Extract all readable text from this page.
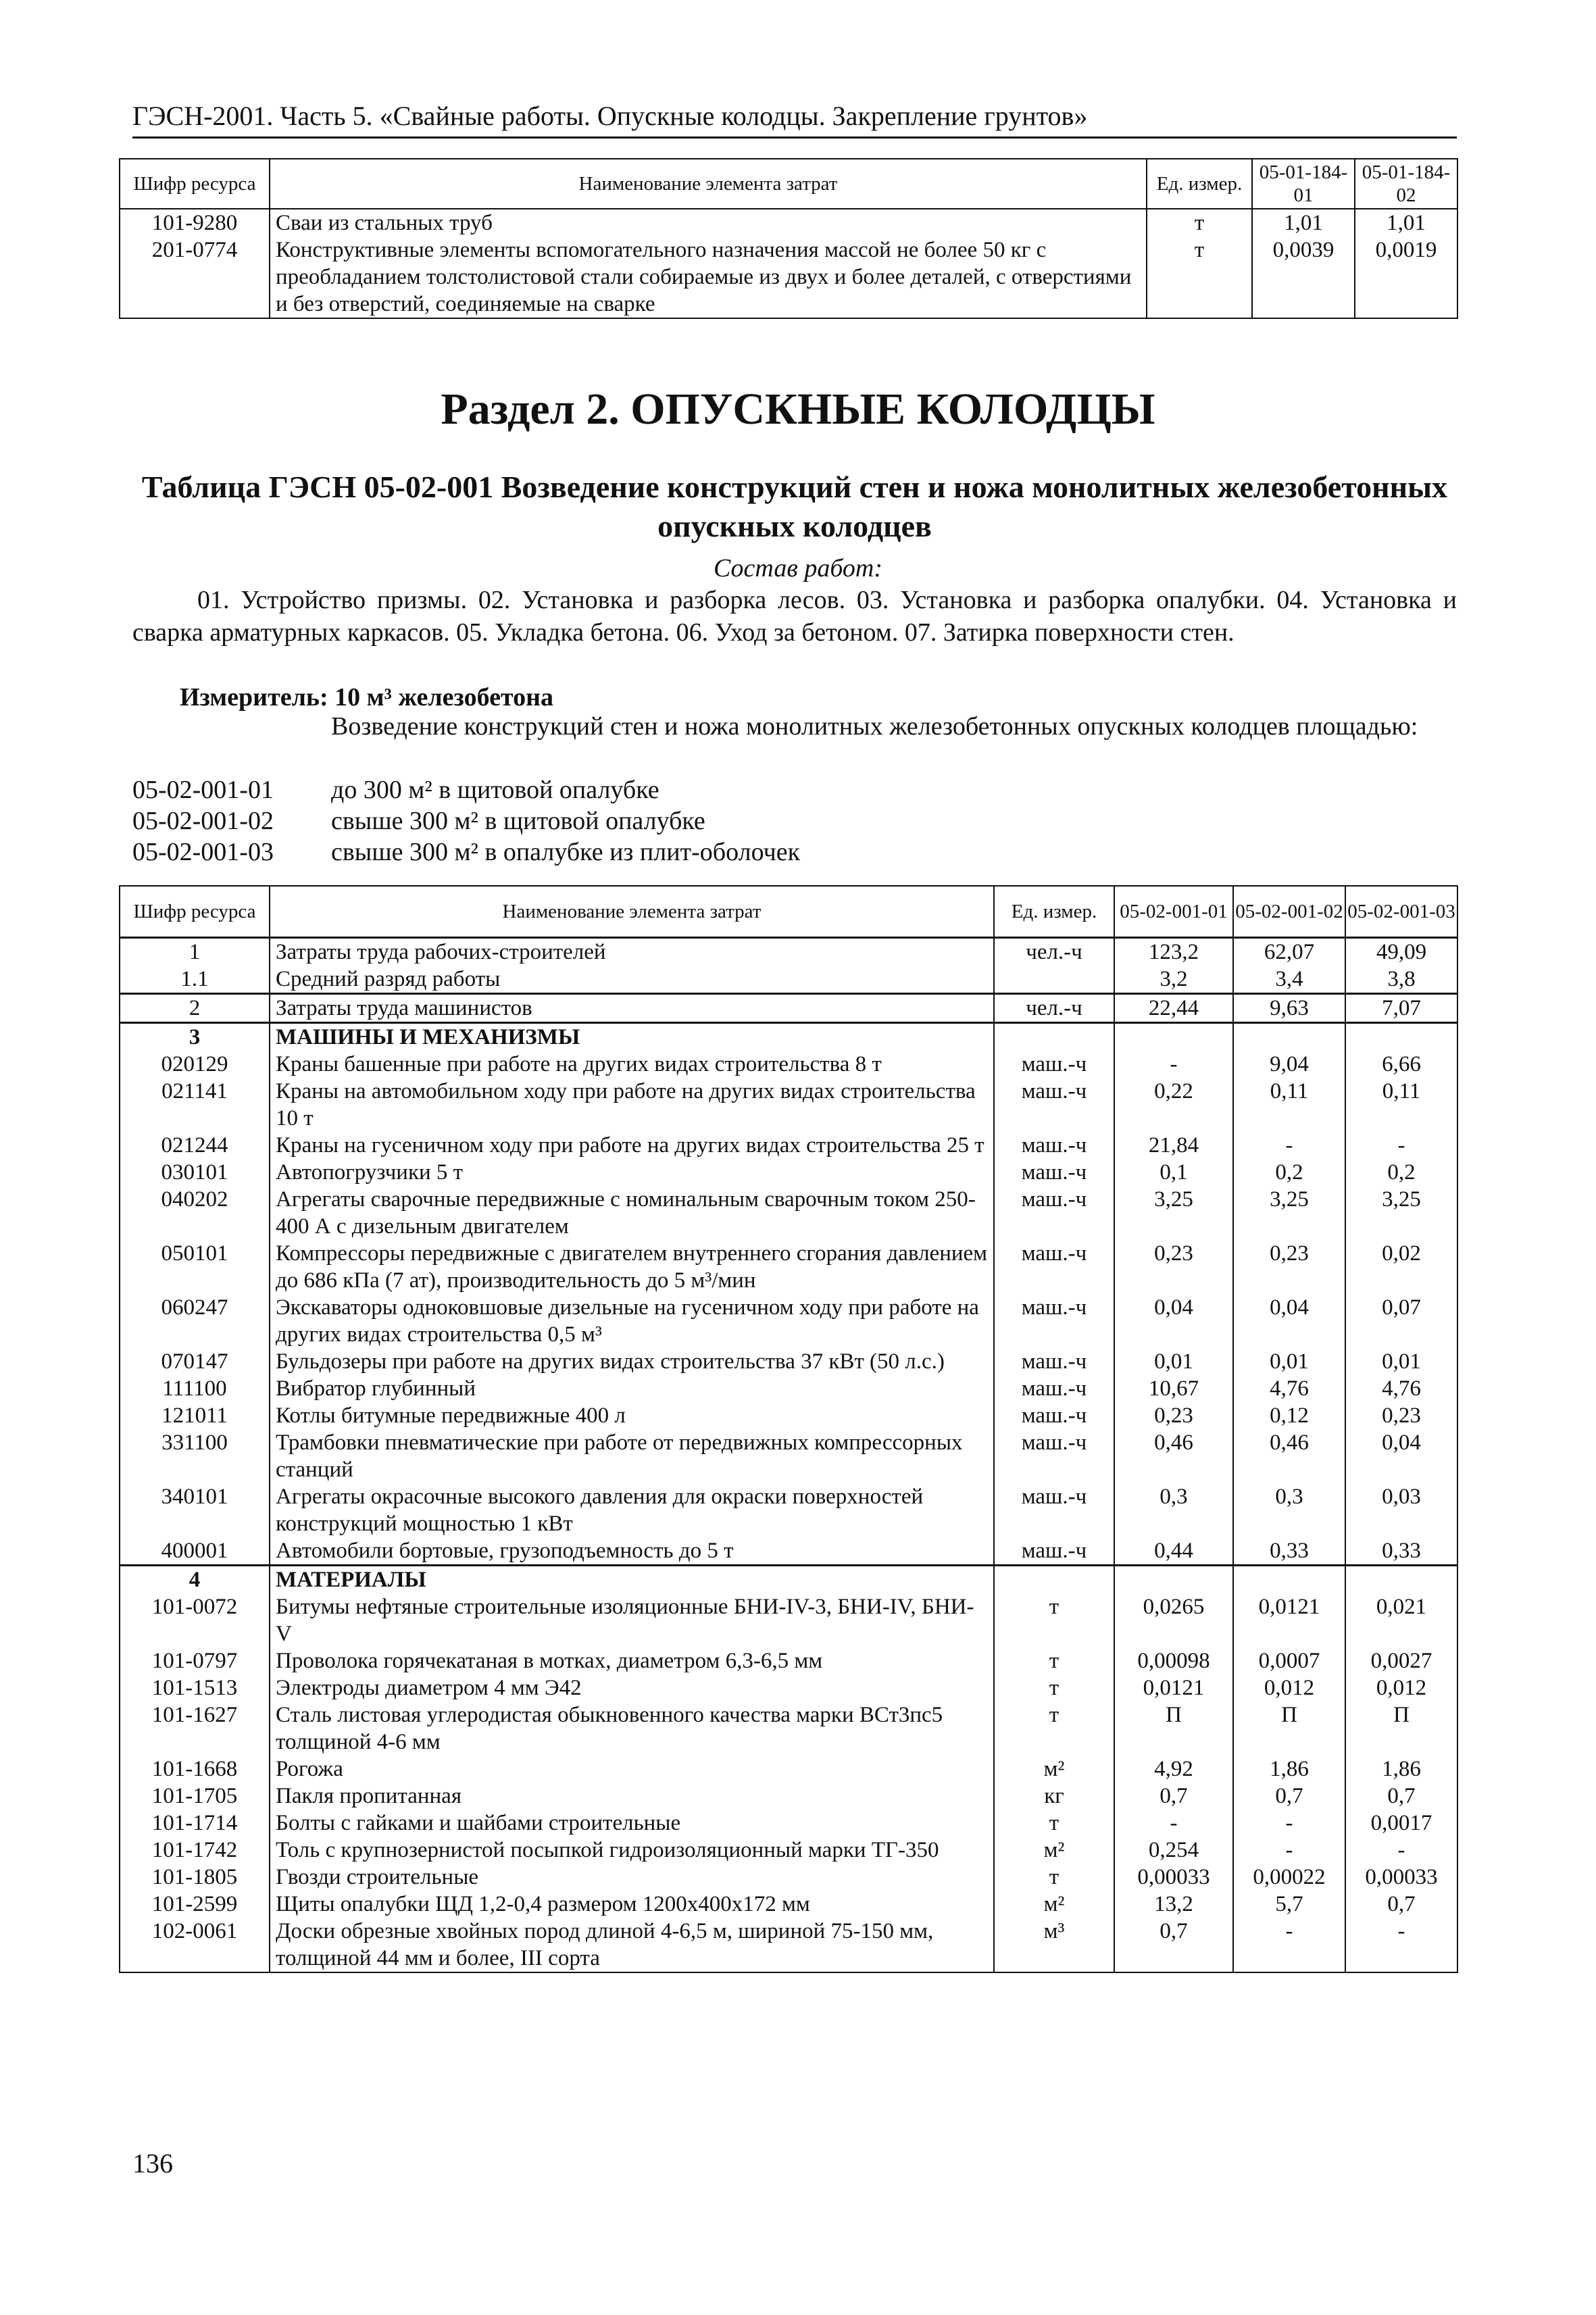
ГЭСН-2001. Часть 5. «Свайные работы. Опускные колодцы. Закрепление грунтов»
Шифр ресурса	Наименование элемента затрат	Ед. измер.	05-01-184-01	05-01-184-02
101-9280	Сваи из стальных труб	т	1,01	1,01
201-0774	Конструктивные элементы вспомогательного назначения массой не более 50 кг с преобладанием толстолистовой стали собираемые из двух и более деталей, с отверстиями и без отверстий, соединяемые на сварке	т	0,0039	0,0019
Раздел 2. ОПУСКНЫЕ КОЛОДЦЫ
Таблица ГЭСН 05-02-001 Возведение конструкций стен и ножа монолитных железобетонных опускных колодцев
Состав работ:
01. Устройство призмы. 02. Установка и разборка лесов. 03. Установка и разборка опалубки. 04. Установка и сварка арматурных каркасов. 05. Укладка бетона. 06. Уход за бетоном. 07. Затирка поверхности стен.
Измеритель: 10 м³ железобетона
Возведение конструкций стен и ножа монолитных железобетонных опускных колодцев площадью:
05-02-001-01 до 300 м² в щитовой опалубке
05-02-001-02 свыше 300 м² в щитовой опалубке
05-02-001-03 свыше 300 м² в опалубке из плит-оболочек
Шифр ресурса	Наименование элемента затрат	Ед. измер.	05-02-001-01	05-02-001-02	05-02-001-03
1	Затраты труда рабочих-строителей	чел.-ч	123,2	62,07	49,09
1.1	Средний разряд работы		3,2	3,4	3,8
2	Затраты труда машинистов	чел.-ч	22,44	9,63	7,07
3	МАШИНЫ И МЕХАНИЗМЫ				
020129	Краны башенные при работе на других видах строительства 8 т	маш.-ч	-	9,04	6,66
021141	Краны на автомобильном ходу при работе на других видах строительства 10 т	маш.-ч	0,22	0,11	0,11
021244	Краны на гусеничном ходу при работе на других видах строительства 25 т	маш.-ч	21,84	-	-
030101	Автопогрузчики 5 т	маш.-ч	0,1	0,2	0,2
040202	Агрегаты сварочные передвижные с номинальным сварочным током 250-400 А с дизельным двигателем	маш.-ч	3,25	3,25	3,25
050101	Компрессоры передвижные с двигателем внутреннего сгорания давлением до 686 кПа (7 ат), производительность до 5 м³/мин	маш.-ч	0,23	0,23	0,02
060247	Экскаваторы одноковшовые дизельные на гусеничном ходу при работе на других видах строительства 0,5 м³	маш.-ч	0,04	0,04	0,07
070147	Бульдозеры при работе на других видах строительства 37 кВт (50 л.с.)	маш.-ч	0,01	0,01	0,01
111100	Вибратор глубинный	маш.-ч	10,67	4,76	4,76
121011	Котлы битумные передвижные 400 л	маш.-ч	0,23	0,12	0,23
331100	Трамбовки пневматические при работе от передвижных компрессорных станций	маш.-ч	0,46	0,46	0,04
340101	Агрегаты окрасочные высокого давления для окраски поверхностей конструкций мощностью 1 кВт	маш.-ч	0,3	0,3	0,03
400001	Автомобили бортовые, грузоподъемность до 5 т	маш.-ч	0,44	0,33	0,33
4	МАТЕРИАЛЫ				
101-0072	Битумы нефтяные строительные изоляционные БНИ-IV-3, БНИ-IV, БНИ-V	т	0,0265	0,0121	0,021
101-0797	Проволока горячекатаная в мотках, диаметром 6,3-6,5 мм	т	0,00098	0,0007	0,0027
101-1513	Электроды диаметром 4 мм Э42	т	0,0121	0,012	0,012
101-1627	Сталь листовая углеродистая обыкновенного качества марки ВСт3пс5 толщиной 4-6 мм	т	П	П	П
101-1668	Рогожа	м²	4,92	1,86	1,86
101-1705	Пакля пропитанная	кг	0,7	0,7	0,7
101-1714	Болты с гайками и шайбами строительные	т	-	-	0,0017
101-1742	Толь с крупнозернистой посыпкой гидроизоляционный марки ТГ-350	м²	0,254	-	-
101-1805	Гвозди строительные	т	0,00033	0,00022	0,00033
101-2599	Щиты опалубки ЩД 1,2-0,4 размером 1200х400х172 мм	м²	13,2	5,7	0,7
102-0061	Доски обрезные хвойных пород длиной 4-6,5 м, шириной 75-150 мм, толщиной 44 мм и более, III сорта	м³	0,7	-	-
136
